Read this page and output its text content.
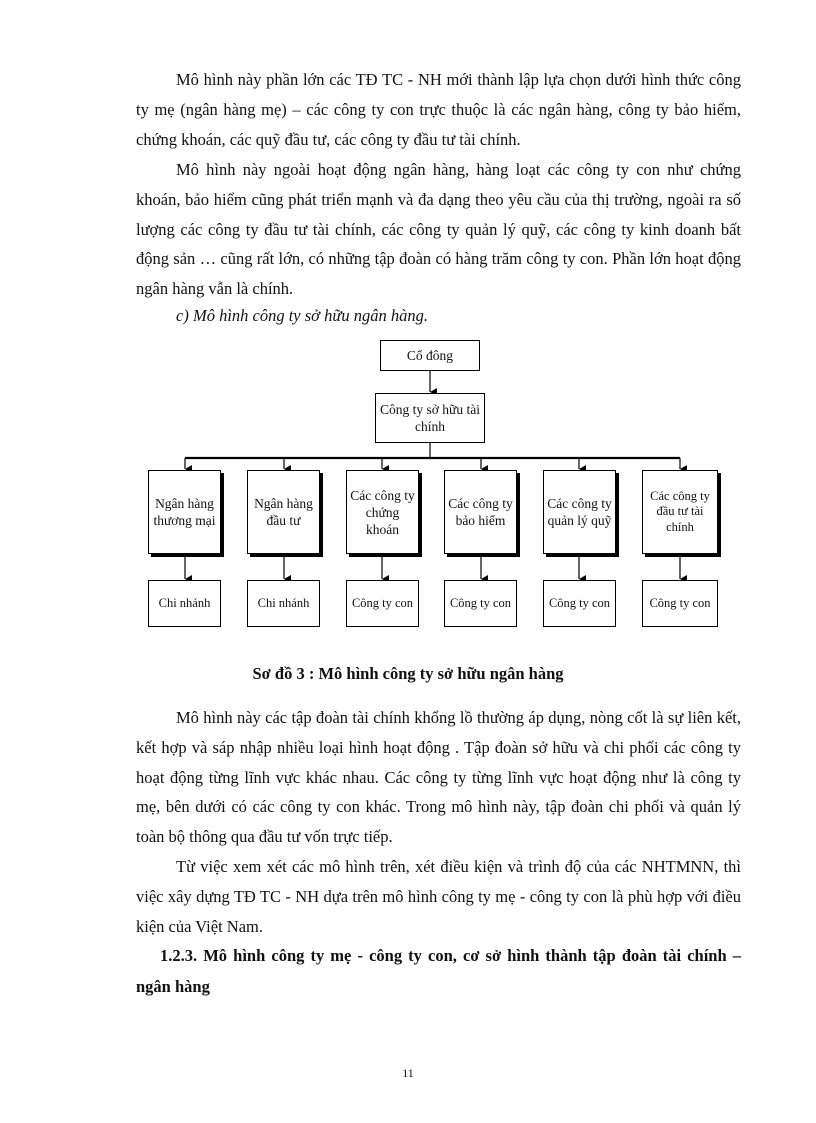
Mô hình này phần lớn các TĐ TC - NH mới thành lập lựa chọn dưới hình thức công ty mẹ (ngân hàng mẹ) – các công ty con trực thuộc là các ngân hàng, công ty bảo hiểm, chứng khoán, các quỹ đầu tư, các công ty đầu tư tài chính.

Mô hình này ngoài hoạt động ngân hàng, hàng loạt các công ty con như chứng khoán, bảo hiểm cũng phát triển mạnh và đa dạng theo yêu cầu của thị trường, ngoài ra số lượng các công ty đầu tư tài chính, các công ty quản lý quỹ, các công ty kinh doanh bất động sản … cũng rất lớn, có những tập đoàn có hàng trăm công ty con. Phần lớn hoạt động ngân hàng vẫn là chính.

c) Mô hình công ty sở hữu ngân hàng.

Cổ đông
Công ty sở hữu tài chính
Ngân hàng thương mại
Ngân hàng đầu tư
Các công ty chứng khoán
Các công ty bảo hiểm
Các công ty quản lý quỹ
Các công ty đầu tư tài chính
Chi nhánh	Chi nhánh	Công ty con	Công ty con	Công ty con	Công ty con

Sơ đồ 3 : Mô hình công ty sở hữu ngân hàng

Mô hình này các tập đoàn tài chính khổng lồ thường áp dụng, nòng cốt là sự liên kết, kết hợp và sáp nhập nhiều loại hình hoạt động . Tập đoàn sở hữu và chi phối các công ty hoạt động từng lĩnh vực khác nhau. Các công ty từng lĩnh vực hoạt động như là công ty mẹ, bên dưới có các công ty con khác. Trong mô hình này, tập đoàn chi phối và quản lý toàn bộ thông qua đầu tư vốn trực tiếp.

Từ việc xem xét các mô hình trên, xét điều kiện và trình độ của các NHTMNN, thì việc xây dựng TĐ TC - NH dựa trên mô hình công ty mẹ - công ty con là phù hợp với điều kiện của Việt Nam.

1.2.3. Mô hình công ty mẹ - công ty con, cơ sở hình thành tập đoàn tài chính – ngân hàng

11
